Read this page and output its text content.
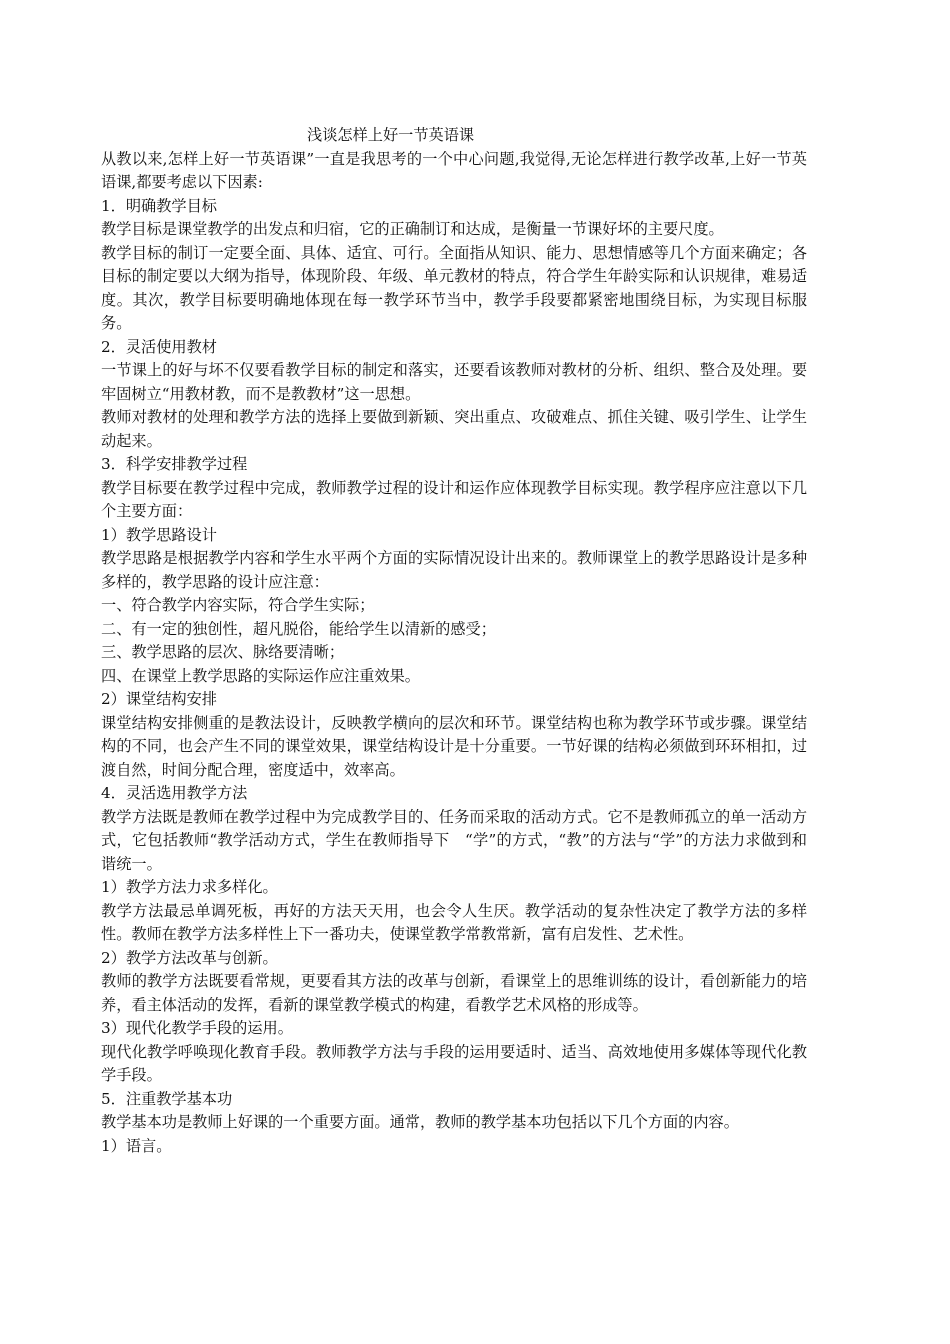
浅谈怎样上好一节英语课

从教以来,怎样上好一节英语课”一直是我思考的一个中心问题,我觉得,无论怎样进行教学改革,上好一节英语课,都要考虑以下因素:

1．明确教学目标

教学目标是课堂教学的出发点和归宿，它的正确制订和达成，是衡量一节课好坏的主要尺度。

教学目标的制订一定要全面、具体、适宜、可行。全面指从知识、能力、思想情感等几个方面来确定；各目标的制定要以大纲为指导，体现阶段、年级、单元教材的特点，符合学生年龄实际和认识规律，难易适度。其次，教学目标要明确地体现在每一教学环节当中，教学手段要都紧密地围绕目标，为实现目标服务。

2．灵活使用教材

一节课上的好与坏不仅要看教学目标的制定和落实，还要看该教师对教材的分析、组织、整合及处理。要牢固树立“用教材教，而不是教教材”这一思想。

教师对教材的处理和教学方法的选择上要做到新颖、突出重点、攻破难点、抓住关键、吸引学生、让学生动起来。

3．科学安排教学过程

教学目标要在教学过程中完成，教师教学过程的设计和运作应体现教学目标实现。教学程序应注意以下几个主要方面：

1）教学思路设计

教学思路是根据教学内容和学生水平两个方面的实际情况设计出来的。教师课堂上的教学思路设计是多种多样的，教学思路的设计应注意：

一、符合教学内容实际，符合学生实际；

二、有一定的独创性，超凡脱俗，能给学生以清新的感受；

三、教学思路的层次、脉络要清晰；

四、在课堂上教学思路的实际运作应注重效果。

2）课堂结构安排

课堂结构安排侧重的是教法设计，反映教学横向的层次和环节。课堂结构也称为教学环节或步骤。课堂结构的不同，也会产生不同的课堂效果，课堂结构设计是十分重要。一节好课的结构必须做到环环相扣，过渡自然，时间分配合理，密度适中，效率高。

4．灵活选用教学方法

教学方法既是教师在教学过程中为完成教学目的、任务而采取的活动方式。它不是教师孤立的单一活动方式，它包括教师“教学活动方式，学生在教师指导下　“学”的方式，“教”的方法与“学”的方法力求做到和谐统一。

1）教学方法力求多样化。

教学方法最忌单调死板，再好的方法天天用，也会令人生厌。教学活动的复杂性决定了教学方法的多样性。教师在教学方法多样性上下一番功夫，使课堂教学常教常新，富有启发性、艺术性。

2）教学方法改革与创新。

教师的教学方法既要看常规，更要看其方法的改革与创新，看课堂上的思维训练的设计，看创新能力的培养，看主体活动的发挥，看新的课堂教学模式的构建，看教学艺术风格的形成等。

3）现代化教学手段的运用。

现代化教学呼唤现化教育手段。教师教学方法与手段的运用要适时、适当、高效地使用多媒体等现代化教学手段。

5．注重教学基本功

教学基本功是教师上好课的一个重要方面。通常，教师的教学基本功包括以下几个方面的内容。

1）语言。
